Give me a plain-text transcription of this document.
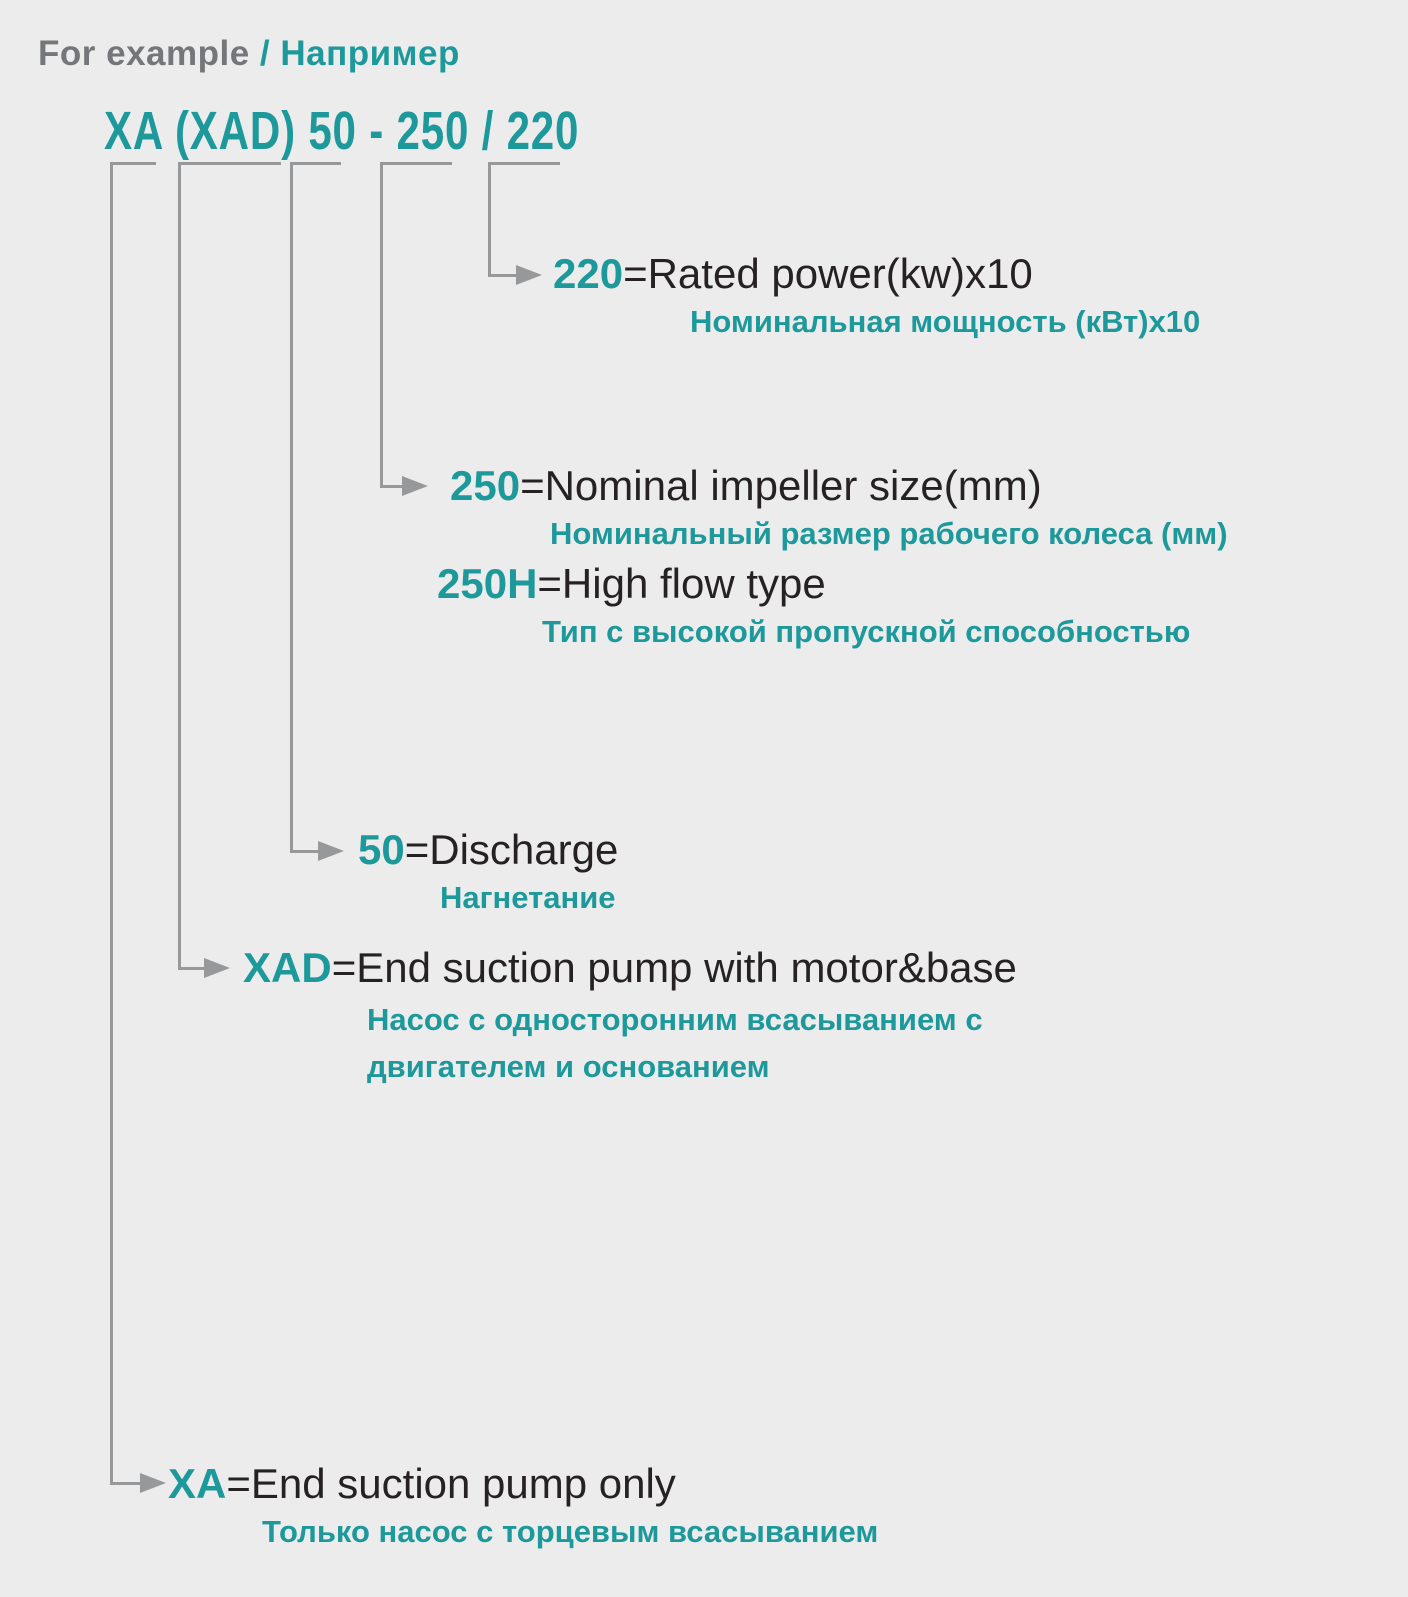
For example / Например
XA (XAD) 50 - 250 / 220
220=Rated power(kw)x10
Номинальная мощность (кВт)х10
250=Nominal impeller size(mm)
Номинальный размер рабочего колеса (мм)
250H=High flow type
Тип с высокой пропускной способностью
50=Discharge
Нагнетание
XAD=End suction pump with motor&base
Насос с односторонним всасыванием с двигателем и основанием
XA=End suction pump only
Только насос с торцевым всасыванием
